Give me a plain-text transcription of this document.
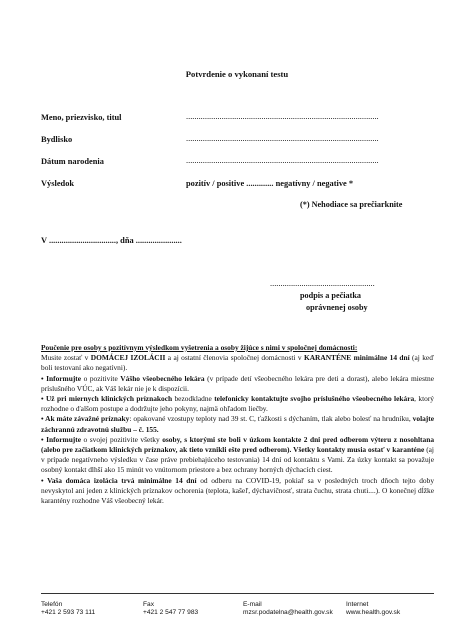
Potvrdenie o vykonaní testu
Meno, priezvisko, titul	............................................................................................
Bydlisko	............................................................................................
Dátum narodenia	............................................................................................
Výsledok	pozitív / positive ............. negatívny / negative *
(*) Nehodiace sa prečiarknite
V ................................, dňa ......................
..................................................
podpis a pečiatka
oprávnenej osoby

Poučenie pre osoby s pozitívnym výsledkom vyšetrenia a osoby žijúce s nimi v spoločnej domácnosti:

Musite zostať v DOMÁCEJ IZOLÁCII a aj ostatní členovia spoločnej domácnosti v KARANTÉNE minimálne 14 dní (aj keď boli testovaní ako negatívni).

• Informujte o pozitivite Vášho všeobecného lekára (v prípade detí všeobecného lekára pre deti a dorast), alebo lekára miestne príslušného VÚC, ak Váš lekár nie je k dispozícii.

• Už pri miernych klinických príznakoch bezodkladne telefonicky kontaktujte svojho príslušného všeobecného lekára, ktorý rozhodne o ďalšom postupe a dodržujte jeho pokyny, najmä ohľadom liečby.

• Ak máte závažné príznaky: opakované vzostupy teploty nad 39 st. C, ťažkosti s dýchaním, tlak alebo bolesť na hrudníku, volajte záchrannú zdravotnú službu – č. 155.

• Informujte o svojej pozitivite všetky osoby, s ktorými ste boli v úzkom kontakte 2 dni pred odberom výteru z nosohltana (alebo pre začiatkom klinických príznakov, ak tieto vznikli ešte pred odberom). Všetky kontakty musia ostať v karanténe (aj v prípade negatívneho výsledku v čase práve prebiehajúceho testovania) 14 dní od kontaktu s Vami. Za úzky kontakt sa považuje osobný kontakt dlhší ako 15 minút vo vnútornom priestore a bez ochrany horných dýchacích ciest.

• Vaša domáca izolácia trvá minimálne 14 dní od odberu na COVID-19, pokiaľ sa v posledných troch dňoch tejto doby nevyskytol ani jeden z klinických príznakov ochorenia (teplota, kašeľ, dýchavičnosť, strata čuchu, strata chuti....). O konečnej dĺžke karantény rozhodne Váš všeobecný lekár.

Telefón
+421 2 593 73 111
Fax
+421 2 547 77 983
E-mail
mzsr.podatelna@health.gov.sk
Internet
www.health.gov.sk
